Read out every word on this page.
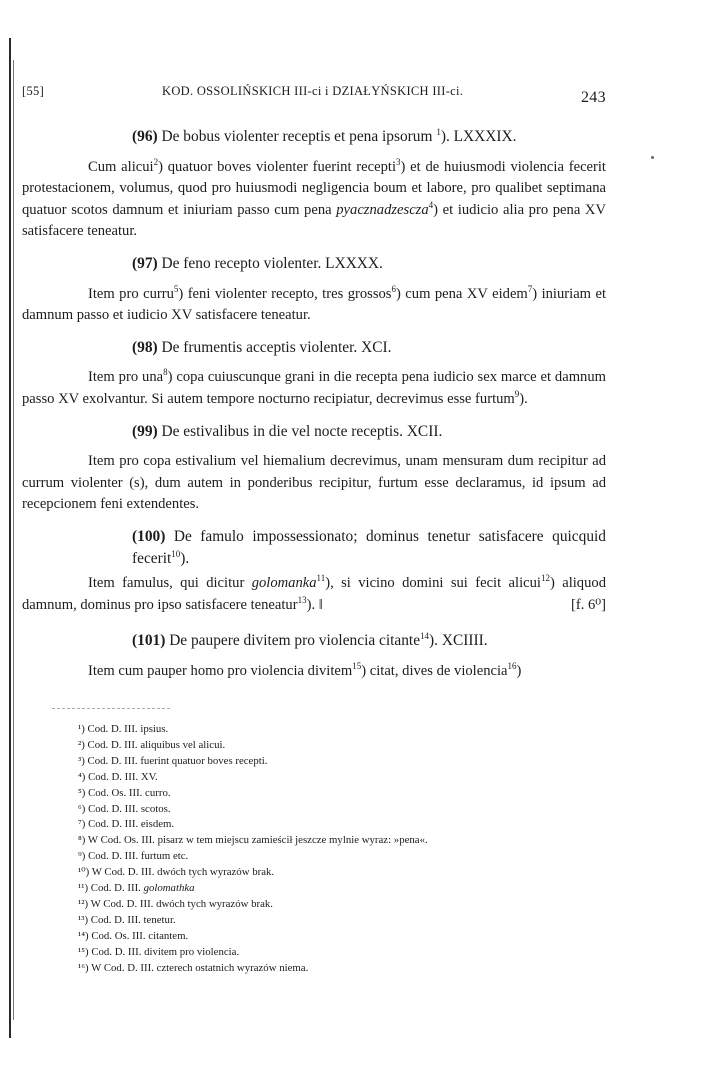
[55]	KOD. OSSOLIŃSKICH III-ci i DZIAŁYŃSKICH III-ci.	243

(96) De bobus violenter receptis et pena ipsorum $^1$). LXXXIX.

Cum alicui$^2$) quatuor boves violenter fuerint recepti$^3$) et de huiusmodi violencia fecerit protestacionem, volumus, quod pro huiusmodi negligencia boum et labore, pro qualibet septimana quatuor scotos damnum et iniuriam passo cum pena pyacznadzescza$^4$) et iudicio alia pro pena XV satisfacere teneatur.

(97) De feno recepto violenter. LXXXX.

Item pro curru$^5$) feni violenter recepto, tres grossos$^6$) cum pena XV eidem$^7$) iniuriam et damnum passo et iudicio XV satisfacere teneatur.

(98) De frumentis acceptis violenter. XCI.

Item pro una$^8$) copa cuiuscunque grani in die recepta pena iudicio sex marce et damnum passo XV exolvantur. Si autem tempore nocturno recipiatur, decrevimus esse furtum$^9$).

(99) De estivalibus in die vel nocte receptis. XCII.

Item pro copa estivalium vel hiemalium decrevimus, unam mensuram dum recipitur ad currum violenter (s), dum autem in ponderibus recipitur, furtum esse declaramus, id ipsum ad recepcionem feni extendentes.

(100) De famulo impossessionato; dominus tenetur satisfacere quicquid fecerit$^{10}$).

Item famulus, qui dicitur golomanka$^{11}$), si vicino domini sui fecit alicui$^{12}$) aliquod damnum, dominus pro ipso satisfacere teneatur$^{13}$). ‖	[f. 6⁰]

(101) De paupere divitem pro violencia citante$^{14}$). XCIIII.

Item cum pauper homo pro violencia divitem$^{15}$) citat, dives de violencia$^{16}$)

¹) Cod. D. III. ipsius.
²) Cod. D. III. aliquibus vel alicui.
³) Cod. D. III. fuerint quatuor boves recepti.
⁴) Cod. D. III. XV.
⁵) Cod. Os. III. curro.
⁶) Cod. D. III. scotos.
⁷) Cod. D. III. eisdem.
⁸) W Cod. Os. III. pisarz w tem miejscu zamieścił jeszcze mylnie wyraz: »pena«.
⁹) Cod. D. III. furtum etc.
¹⁰) W Cod. D. III. dwóch tych wyrazów brak.
¹¹) Cod. D. III. golomathka
¹²) W Cod. D. III. dwóch tych wyrazów brak.
¹³) Cod. D. III. tenetur.
¹⁴) Cod. Os. III. citantem.
¹⁵) Cod. D. III. divitem pro violencia.
¹⁶) W Cod. D. III. czterech ostatnich wyrazów niema.
